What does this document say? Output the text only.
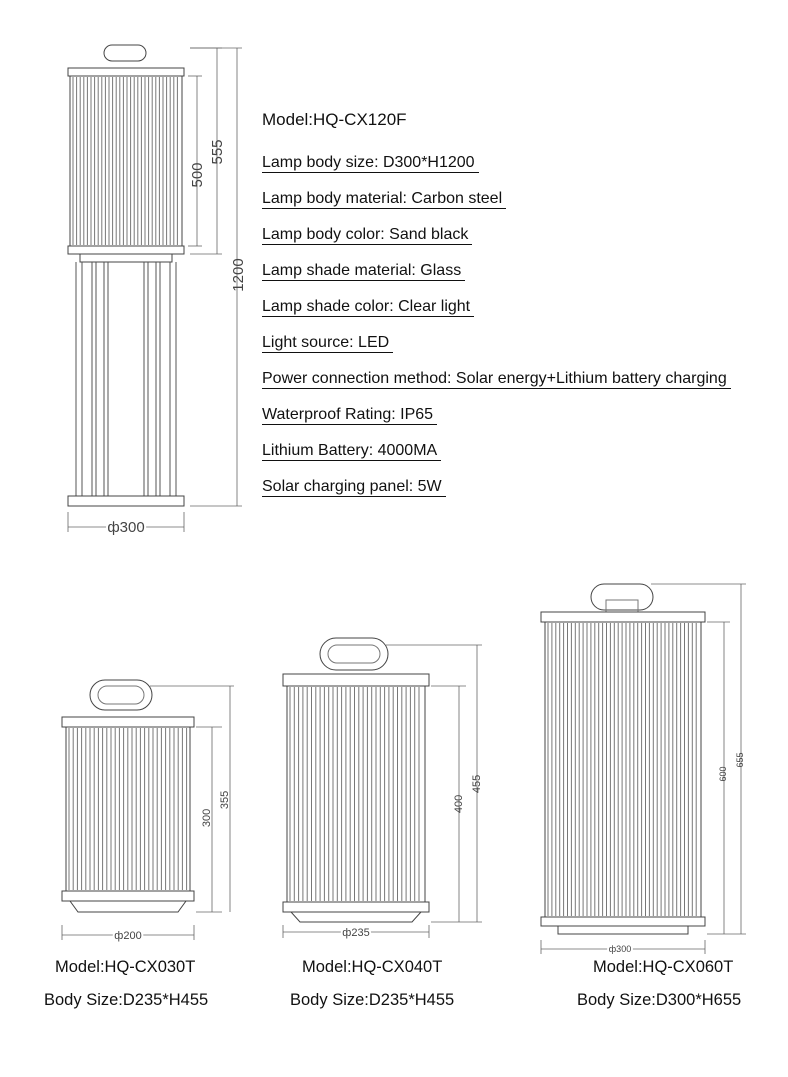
500
555
1200
ф300
300
355
ф200
400
455
ф235
600
655
ф300
Model:HQ-CX120F
Lamp body size: D300*H1200
Lamp body material: Carbon steel
Lamp body color: Sand black
Lamp shade material: Glass
Lamp shade color: Clear light
Light source: LED
Power connection method: Solar energy+Lithium battery charging
Waterproof Rating: IP65
Lithium Battery: 4000MA
Solar charging panel: 5W
Model:HQ-CX030T
Body Size:D235*H455
Model:HQ-CX040T
Body Size:D235*H455
Model:HQ-CX060T
Body Size:D300*H655
